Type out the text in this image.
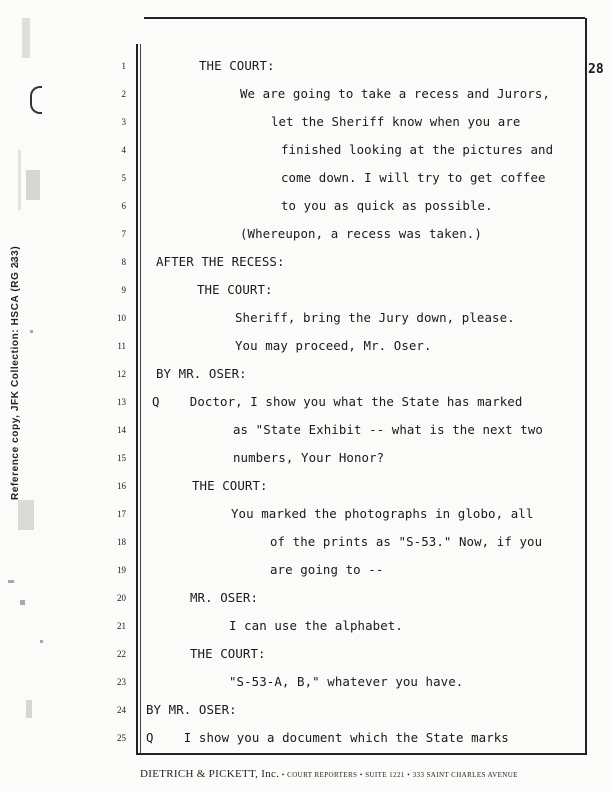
Reference copy, JFK Collection: HSCA (RG 233)
28
1	THE COURT:
2	We are going to take a recess and Jurors,
3	let the Sheriff know when you are
4	finished looking at the pictures and
5	come down. I will try to get coffee
6	to you as quick as possible.
7	(Whereupon, a recess was taken.)
8 AFTER THE RECESS:
9	THE COURT:
10	Sheriff, bring the Jury down, please.
11	You may proceed, Mr. Oser.
12 BY MR. OSER:
13 Q    Doctor, I show you what the State has marked
14	as "State Exhibit -- what is the next two
15	numbers, Your Honor?
16	THE COURT:
17	You marked the photographs in globo, all
18	of the prints as "S-53." Now, if you
19	are going to --
20	MR. OSER:
21	I can use the alphabet.
22	THE COURT:
23	"S-53-A, B," whatever you have.
24 BY MR. OSER:
25 Q    I show you a document which the State marks
DIETRICH & PICKETT, Inc. • COURT REPORTERS • SUITE 1221 • 333 SAINT CHARLES AVENUE
